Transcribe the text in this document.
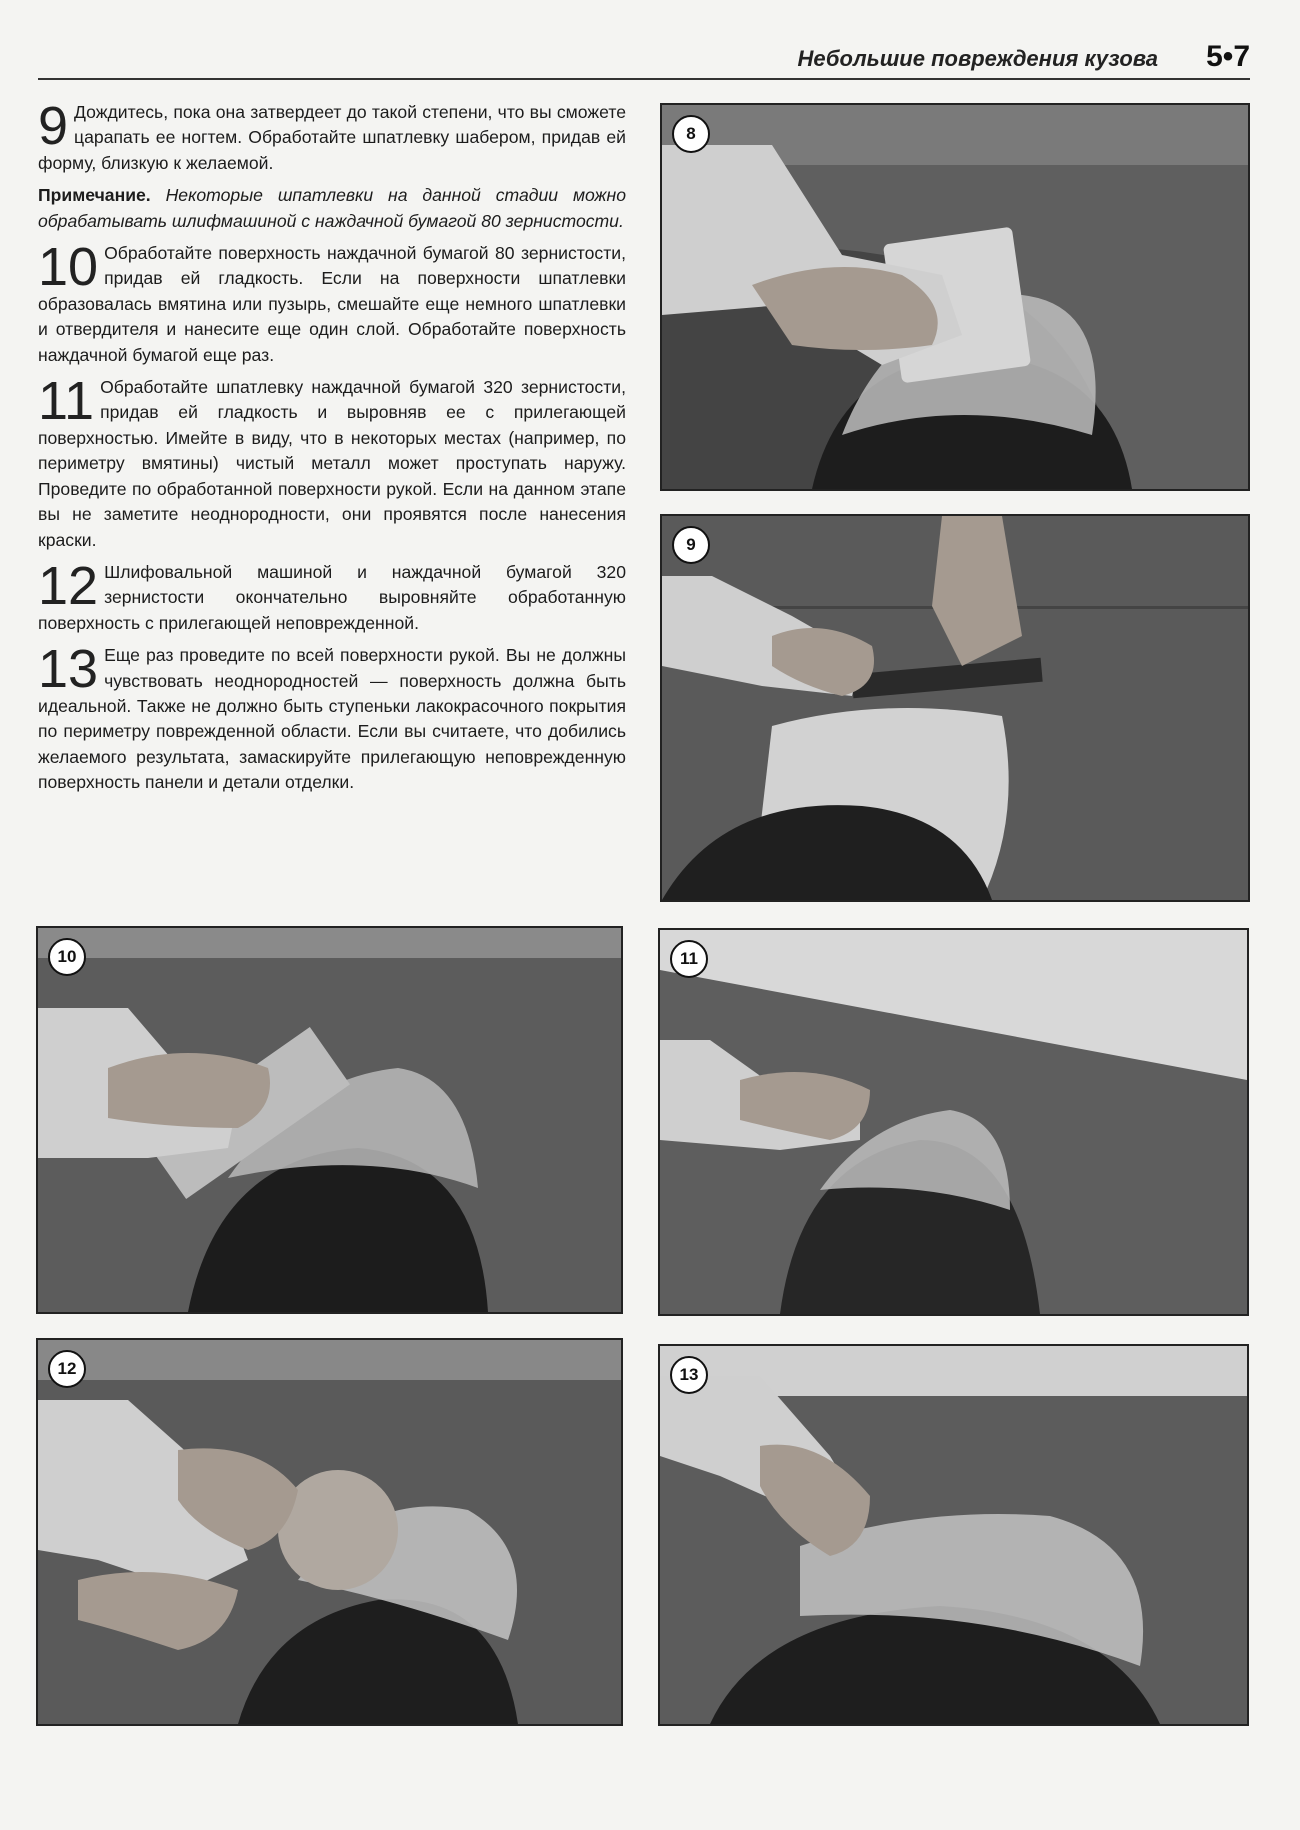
Небольшие повреждения кузова 5•7
9 Дождитесь, пока она затвердеет до такой степени, что вы сможете царапать ее ногтем. Обработайте шпатлевку шабером, придав ей форму, близкую к желаемой.
Примечание. Некоторые шпатлевки на данной стадии можно обрабатывать шлифмашиной с наждачной бумагой 80 зернистости.
10 Обработайте поверхность наждачной бумагой 80 зернистости, придав ей гладкость. Если на поверхности шпатлевки образовалась вмятина или пузырь, смешайте еще немного шпатлевки и отвердителя и нанесите еще один слой. Обработайте поверхность наждачной бумагой еще раз.
11 Обработайте шпатлевку наждачной бумагой 320 зернистости, придав ей гладкость и выровняв ее с прилегающей поверхностью. Имейте в виду, что в некоторых местах (например, по периметру вмятины) чистый металл может проступать наружу. Проведите по обработанной поверхности рукой. Если на данном этапе вы не заметите неоднородности, они проявятся после нанесения краски.
12 Шлифовальной машиной и наждачной бумагой 320 зернистости окончательно выровняйте обработанную поверхность с прилегающей неповрежденной.
13 Еще раз проведите по всей поверхности рукой. Вы не должны чувствовать неоднородностей — поверхность должна быть идеальной. Также не должно быть ступеньки лакокрасочного покрытия по периметру поврежденной области. Если вы считаете, что добились желаемого результата, замаскируйте прилегающую неповрежденную поверхность панели и детали отделки.
8
9
10	11
12	13
